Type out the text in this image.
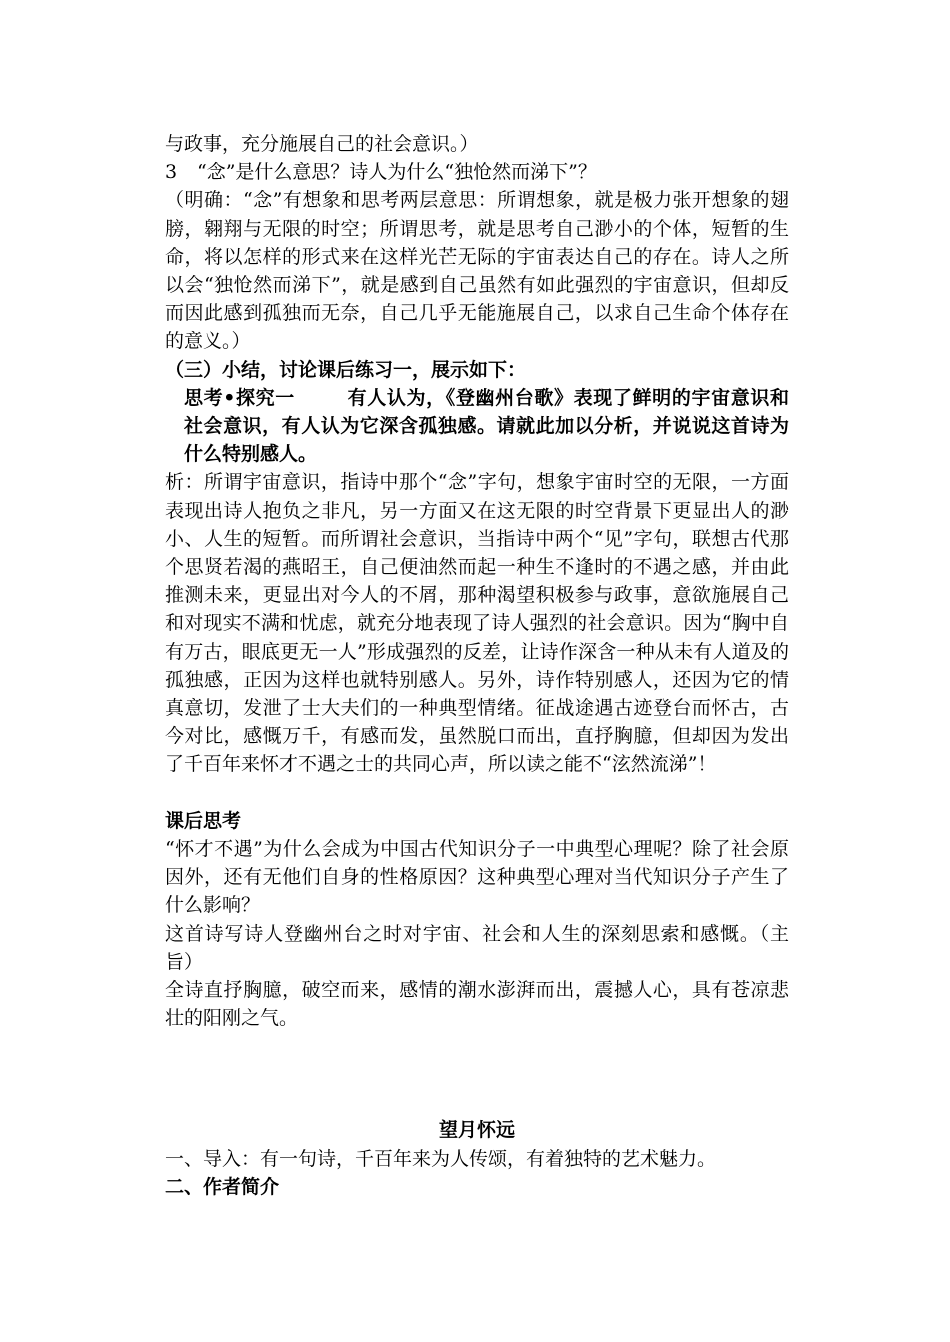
与政事，充分施展自己的社会意识。）

3 “念”是什么意思？诗人为什么“独怆然而涕下”？

（明确：“念”有想象和思考两层意思：所谓想象，就是极力张开想象的翅膀，翱翔与无限的时空；所谓思考，就是思考自己渺小的个体，短暂的生命，将以怎样的形式来在这样光芒无际的宇宙表达自己的存在。诗人之所以会“独怆然而涕下”，就是感到自己虽然有如此强烈的宇宙意识，但却反而因此感到孤独而无奈，自己几乎无能施展自己，以求自己生命个体存在的意义。）

（三）小结，讨论课后练习一，展示如下：

思考•探究一	有人认为，《登幽州台歌》表现了鲜明的宇宙意识和社会意识，有人认为它深含孤独感。请就此加以分析，并说说这首诗为什么特别感人。

析：所谓宇宙意识，指诗中那个“念”字句，想象宇宙时空的无限，一方面表现出诗人抱负之非凡，另一方面又在这无限的时空背景下更显出人的渺小、人生的短暂。而所谓社会意识，当指诗中两个“见”字句，联想古代那个思贤若渴的燕昭王，自己便油然而起一种生不逢时的不遇之感，并由此推测未来，更显出对今人的不屑，那种渴望积极参与政事，意欲施展自己和对现实不满和忧虑，就充分地表现了诗人强烈的社会意识。因为“胸中自有万古，眼底更无一人”形成强烈的反差，让诗作深含一种从未有人道及的孤独感，正因为这样也就特别感人。另外，诗作特别感人，还因为它的情真意切，发泄了士大夫们的一种典型情绪。征战途遇古迹登台而怀古，古今对比，感慨万千，有感而发，虽然脱口而出，直抒胸臆，但却因为发出了千百年来怀才不遇之士的共同心声，所以读之能不“泫然流涕”！

课后思考

“怀才不遇”为什么会成为中国古代知识分子一中典型心理呢？除了社会原因外，还有无他们自身的性格原因？这种典型心理对当代知识分子产生了什么影响？

这首诗写诗人登幽州台之时对宇宙、社会和人生的深刻思索和感慨。（主旨）

全诗直抒胸臆，破空而来，感情的潮水澎湃而出，震撼人心，具有苍凉悲壮的阳刚之气。

望月怀远

一、导入：有一句诗，千百年来为人传颂，有着独特的艺术魅力。

二、作者简介
